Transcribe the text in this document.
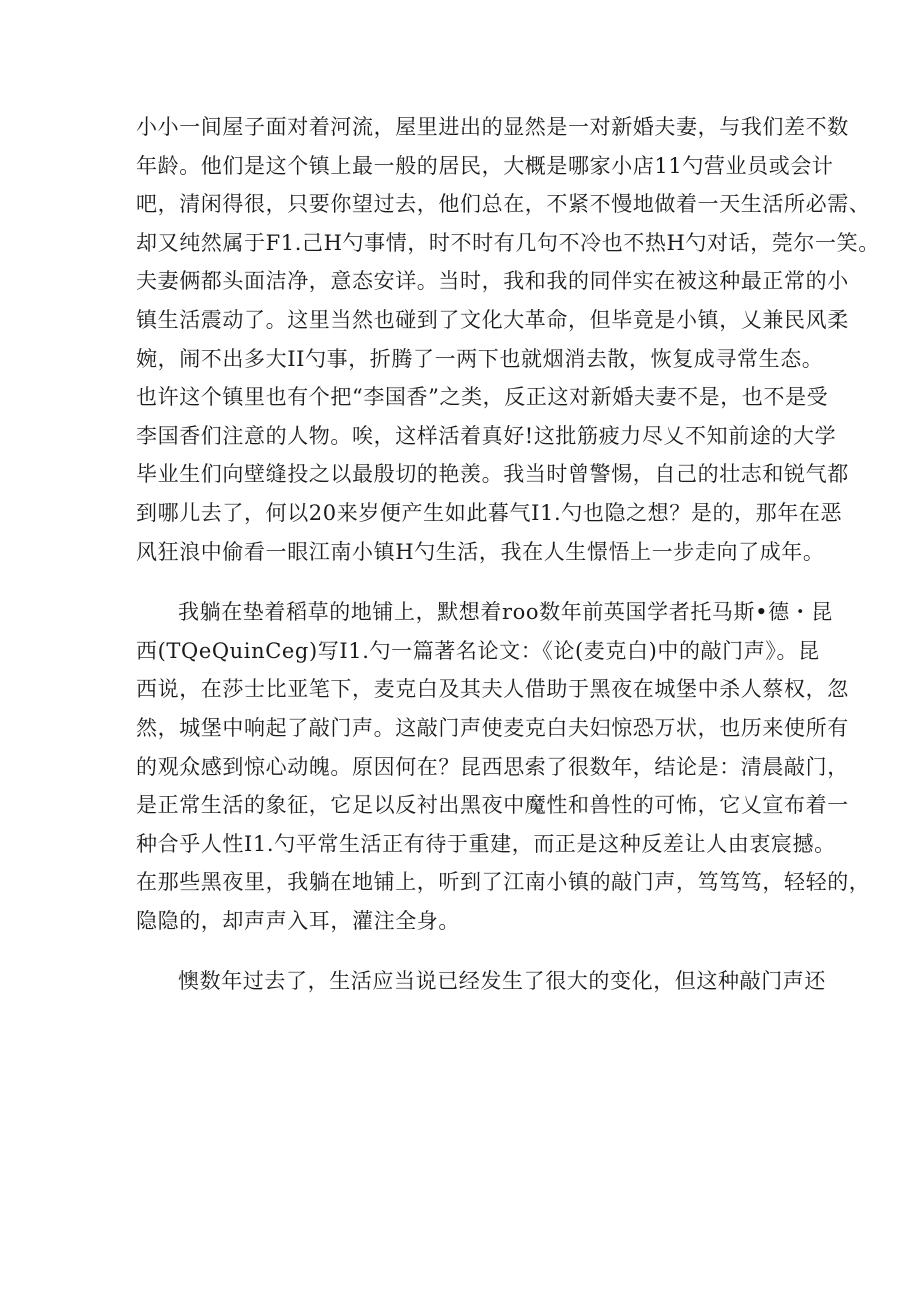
小小一间屋子面对着河流，屋里进出的显然是一对新婚夫妻，与我们差不数
年龄。他们是这个镇上最一般的居民，大概是哪家小店11勺营业员或会计
吧，清闲得很，只要你望过去，他们总在，不紧不慢地做着一天生活所必需、
却又纯然属于F1.己H勺事情，时不时有几句不冷也不热H勺对话，莞尔一笑。
夫妻俩都头面洁净，意态安详。当时，我和我的同伴实在被这种最正常的小
镇生活震动了。这里当然也碰到了文化大革命，但毕竟是小镇，乂兼民风柔
婉，闹不出多大II勺事，折腾了一两下也就烟消去散，恢复成寻常生态。
也许这个镇里也有个把“李国香”之类，反正这对新婚夫妻不是，也不是受
李国香们注意的人物。唉，这样活着真好!这批筋疲力尽乂不知前途的大学
毕业生们向壁缝投之以最殷切的艳羡。我当时曾警惕，自己的壮志和锐气都
到哪儿去了，何以20来岁便产生如此暮气I1.勺也隐之想？是的，那年在恶
风狂浪中偷看一眼江南小镇H勺生活，我在人生憬悟上一步走向了成年。
我躺在垫着稻草的地铺上，默想着roo数年前英国学者托马斯•德・昆
西(TQeQuinCeg)写I1.勺一篇著名论文：《论(麦克白)中的敲门声》。昆
西说，在莎士比亚笔下，麦克白及其夫人借助于黑夜在城堡中杀人蔡权，忽
然，城堡中响起了敲门声。这敲门声使麦克白夫妇惊恐万状，也历来使所有
的观众感到惊心动魄。原因何在？昆西思索了很数年，结论是：清晨敲门，
是正常生活的象征，它足以反衬出黑夜中魔性和兽性的可怖，它乂宣布着一
种合乎人性I1.勺平常生活正有待于重建，而正是这种反差让人由衷宸撼。
在那些黑夜里，我躺在地铺上，听到了江南小镇的敲门声，笃笃笃，轻轻的，
隐隐的，却声声入耳，灌注全身。
懊数年过去了，生活应当说已经发生了很大的变化，但这种敲门声还
